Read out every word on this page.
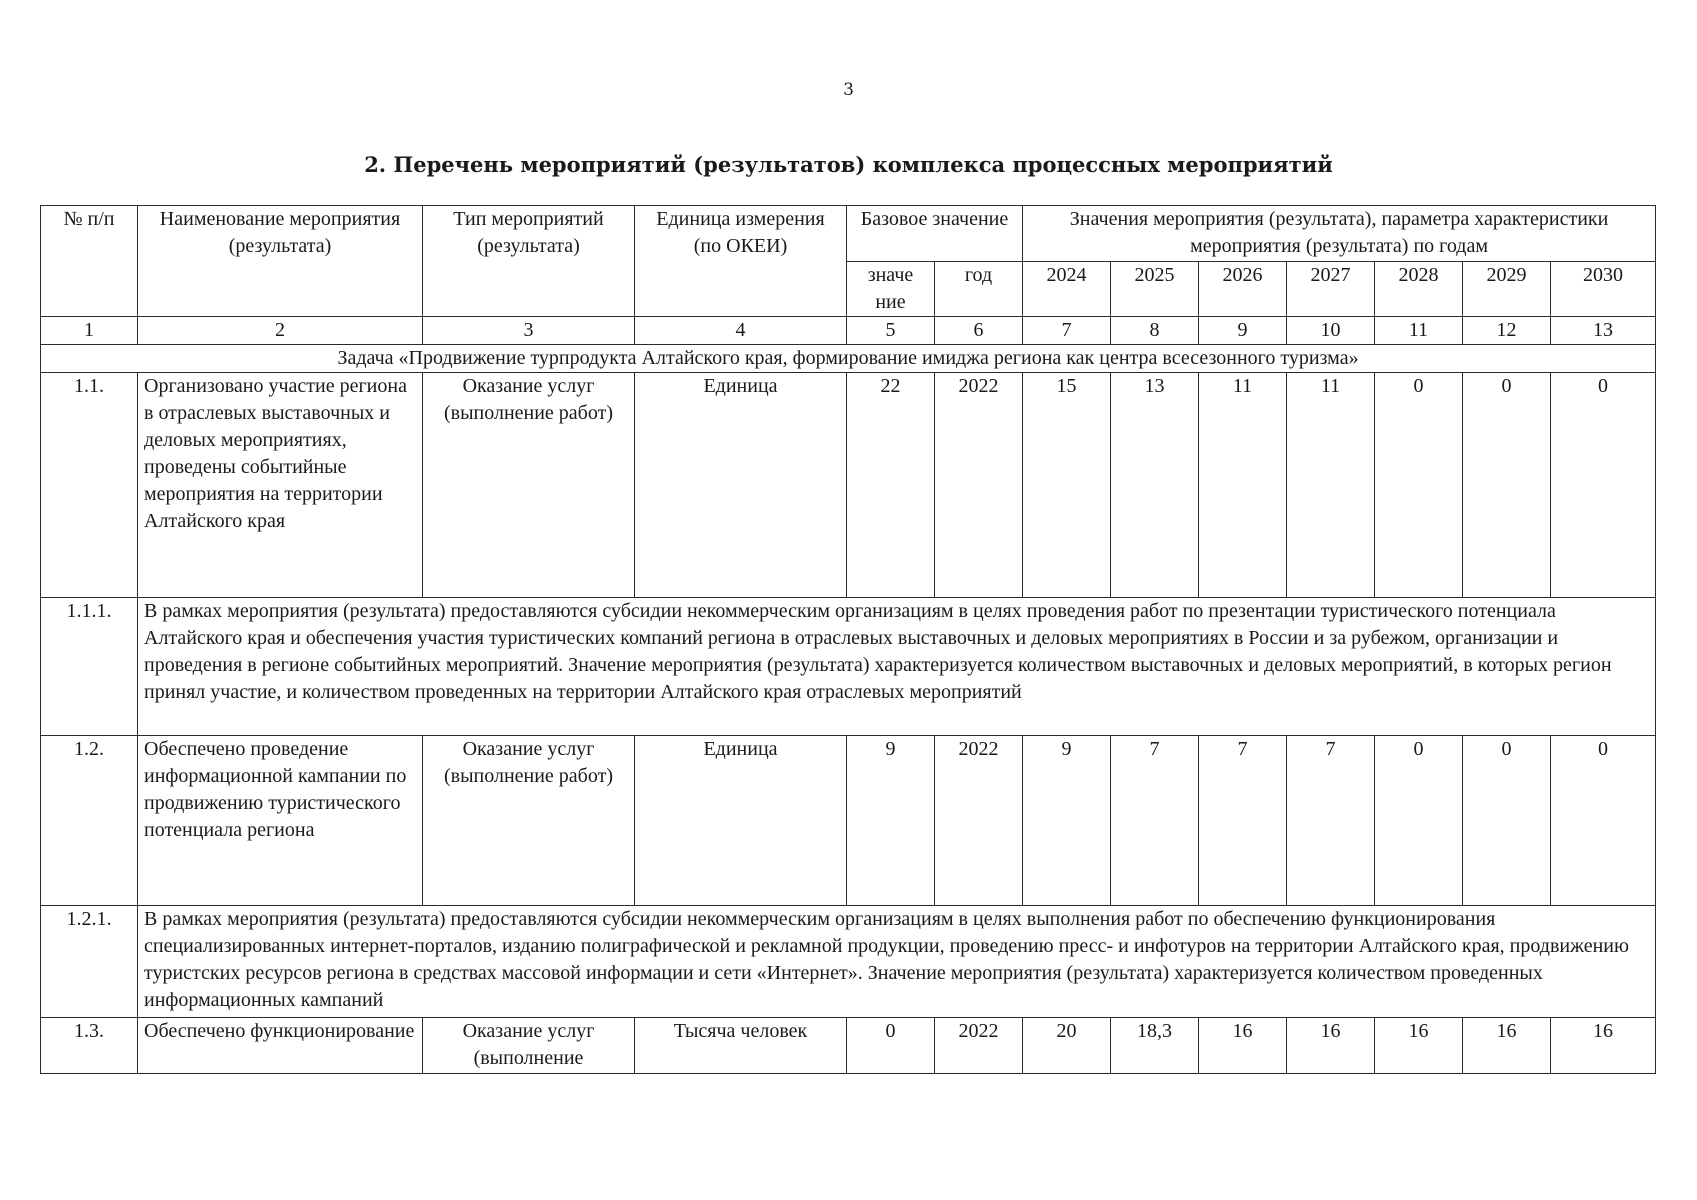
3
2. Перечень мероприятий (результатов) комплекса процессных мероприятий
№ п/п	Наименование мероприятия (результата)	Тип мероприятий (результата)	Единица измерения (по ОКЕИ)	Базовое значение		Значения мероприятия (результата), параметра характеристики мероприятия (результата) по годам						
				значе ние	год	2024	2025	2026	2027	2028	2029	2030
1	2	3	4	5	6	7	8	9	10	11	12	13
Задача «Продвижение турпродукта Алтайского края, формирование имиджа региона как центра всесезонного туризма»												
1.1.	Организовано участие региона в отраслевых выставочных и деловых мероприятиях, проведены событийные мероприятия на территории Алтайского края	Оказание услуг (выполнение работ)	Единица	22	2022	15	13	11	11	0	0	0
1.1.1.	В рамках мероприятия (результата) предоставляются субсидии некоммерческим организациям в целях проведения работ по презентации туристического потенциала Алтайского края и обеспечения участия туристических компаний региона в отраслевых выставочных и деловых мероприятиях в России и за рубежом, организации и проведения в регионе событийных мероприятий. Значение мероприятия (результата) характеризуется количеством выставочных и деловых мероприятий, в которых регион принял участие, и количеством проведенных на территории Алтайского края отраслевых мероприятий											
1.2.	Обеспечено проведение информационной кампании по продвижению туристического потенциала региона	Оказание услуг (выполнение работ)	Единица	9	2022	9	7	7	7	0	0	0
1.2.1.	В рамках мероприятия (результата) предоставляются субсидии некоммерческим организациям в целях выполнения работ по обеспечению функционирования специализированных интернет-порталов, изданию полиграфической и рекламной продукции, проведению пресс- и инфотуров на территории Алтайского края, продвижению туристских ресурсов региона в средствах массовой информации и сети «Интернет». Значение мероприятия (результата) характеризуется количеством проведенных информационных кампаний											
1.3.	Обеспечено функционирование	Оказание услуг (выполнение	Тысяча человек	0	2022	20	18,3	16	16	16	16	16
